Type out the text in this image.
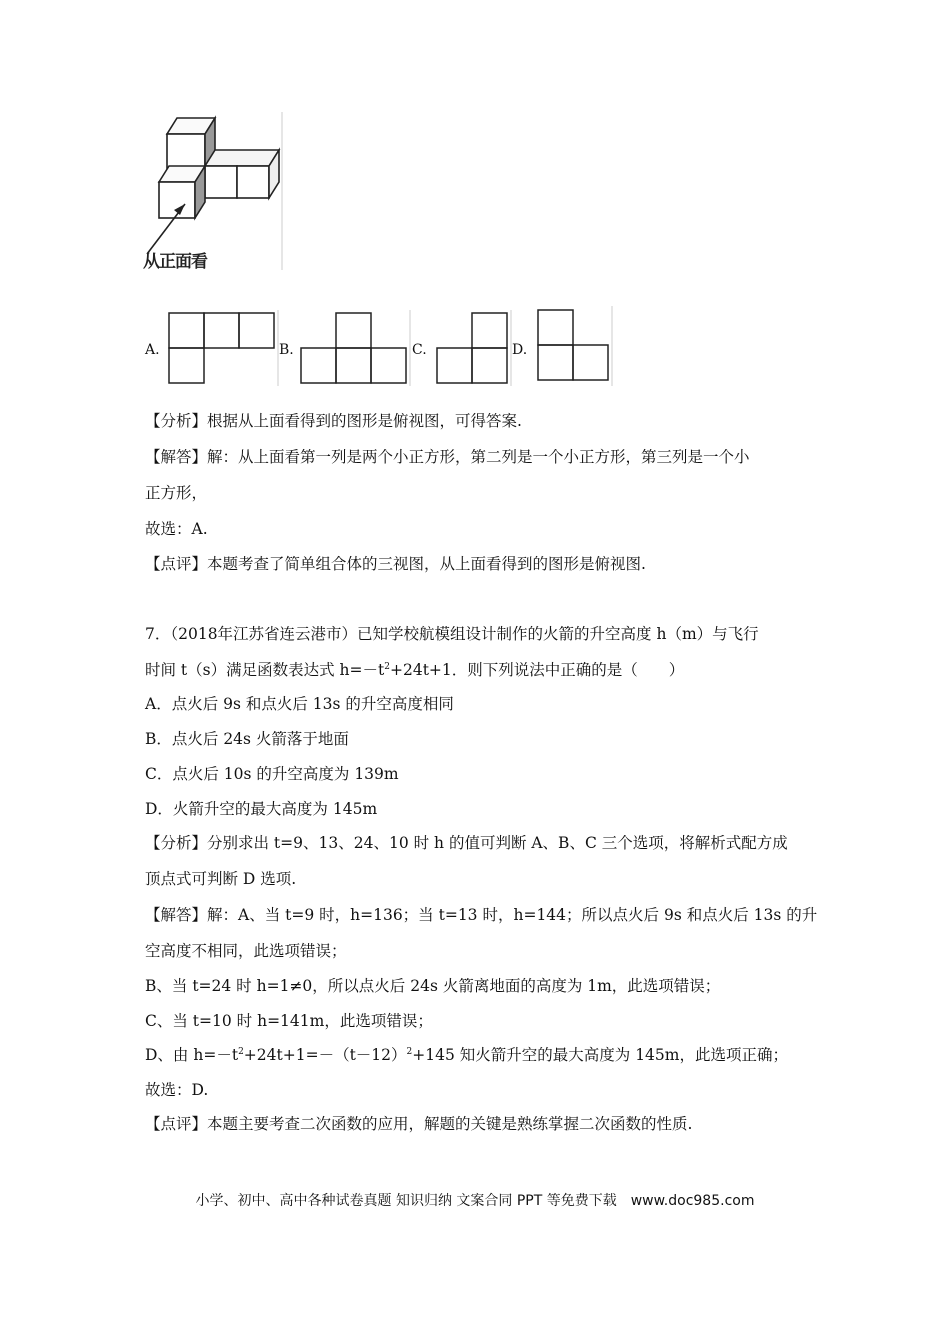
从正面看
A.	B.	C.	D.
【分析】根据从上面看得到的图形是俯视图，可得答案.
【解答】解：从上面看第一列是两个小正方形，第二列是一个小正方形，第三列是一个小
正方形，
故选：A.
【点评】本题考查了简单组合体的三视图，从上面看得到的图形是俯视图.
7．（2018年江苏省连云港市）已知学校航模组设计制作的火箭的升空高度 h（m）与飞行
时间 t（s）满足函数表达式 $h=-t^2+24t+1$．则下列说法中正确的是（　　）
A．点火后 9s 和点火后 13s 的升空高度相同
B．点火后 24s 火箭落于地面
C．点火后 10s 的升空高度为 139m
D．火箭升空的最大高度为 145m
【分析】分别求出 t=9、13、24、10 时 h 的值可判断 A、B、C 三个选项，将解析式配方成
顶点式可判断 D 选项.
【解答】解：A、当 t=9 时，h=136；当 t=13 时，h=144；所以点火后 9s 和点火后 13s 的升
空高度不相同，此选项错误；
B、当 t=24 时 h=1≠0，所以点火后 24s 火箭离地面的高度为 1m，此选项错误；
C、当 t=10 时 h=141m，此选项错误；
D、由 $h=-t^2+24t+1=-(t-12)^2+145$ 知火箭升空的最大高度为 145m，此选项正确；
故选：D.
【点评】本题主要考查二次函数的应用，解题的关键是熟练掌握二次函数的性质.
小学、初中、高中各种试卷真题 知识归纳 文案合同 PPT 等免费下载　www.doc985.com
